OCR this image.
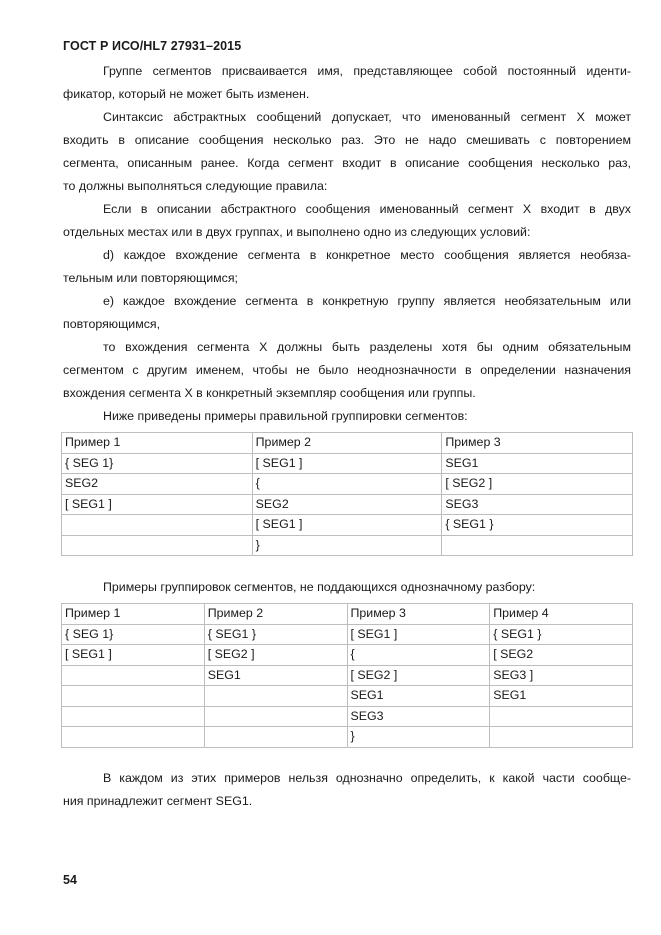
ГОСТ Р ИСО/HL7 27931–2015
Группе сегментов присваивается имя, представляющее собой постоянный иденти-
фикатор, который не может быть изменен.
Синтаксис абстрактных сообщений допускает, что именованный сегмент X может
входить в описание сообщения несколько раз. Это не надо смешивать с повторением
сегмента, описанным ранее. Когда сегмент входит в описание сообщения несколько раз,
то должны выполняться следующие правила:
Если в описании абстрактного сообщения именованный сегмент X входит в двух
отдельных местах или в двух группах, и выполнено одно из следующих условий:
d) каждое вхождение сегмента в конкретное место сообщения является необяза-
тельным или повторяющимся;
e) каждое вхождение сегмента в конкретную группу является необязательным или
повторяющимся,
то вхождения сегмента X должны быть разделены хотя бы одним обязательным
сегментом с другим именем, чтобы не было неоднозначности в определении назначения
вхождения сегмента X в конкретный экземпляр сообщения или группы.
Ниже приведены примеры правильной группировки сегментов:
Пример 1	Пример 2	Пример 3
{ SEG 1}	[ SEG1 ]	SEG1
SEG2	{	[ SEG2 ]
[ SEG1 ]	SEG2	SEG3
	[ SEG1 ]	{ SEG1 }
	}	
Примеры группировок сегментов, не поддающихся однозначному разбору:
Пример 1	Пример 2	Пример 3	Пример 4
{ SEG 1}	{ SEG1 }	[ SEG1 ]	{ SEG1 }
[ SEG1 ]	[ SEG2 ]	{	[ SEG2
	SEG1	[ SEG2 ]	SEG3 ]
		SEG1	SEG1
		SEG3	
		}	
В каждом из этих примеров нельзя однозначно определить, к какой части сообще-
ния принадлежит сегмент SEG1.
54
